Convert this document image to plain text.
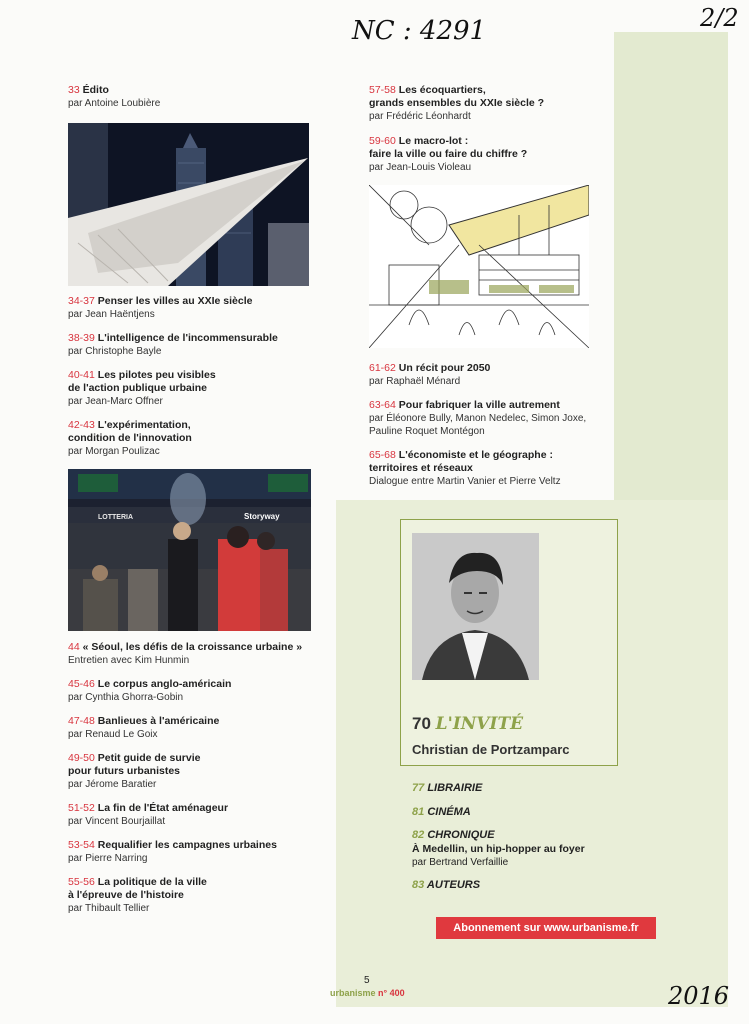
NC : 4291	2/2
2016
33 Édito
par Antoine Loubière
34-37 Penser les villes au XXIe siècle
par Jean Haëntjens
38-39 L'intelligence de l'incommensurable
par Christophe Bayle
40-41 Les pilotes peu visibles
de l'action publique urbaine
par Jean-Marc Offner
42-43 L'expérimentation,
condition de l'innovation
par Morgan Poulizac
LOTTERIA	Storyway
44 « Séoul, les défis de la croissance urbaine »
Entretien avec Kim Hunmin
45-46 Le corpus anglo-américain
par Cynthia Ghorra-Gobin
47-48 Banlieues à l'américaine
par Renaud Le Goix
49-50 Petit guide de survie
pour futurs urbanistes
par Jérome Baratier
51-52 La fin de l'État aménageur
par Vincent Bourjaillat
53-54 Requalifier les campagnes urbaines
par Pierre Narring
55-56 La politique de la ville
à l'épreuve de l'histoire
par Thibault Tellier
57-58 Les écoquartiers,
grands ensembles du XXIe siècle ?
par Frédéric Léonhardt
59-60 Le macro-lot :
faire la ville ou faire du chiffre ?
par Jean-Louis Violeau
61-62 Un récit pour 2050
par Raphaël Ménard
63-64 Pour fabriquer la ville autrement
par Éléonore Bully, Manon Nedelec, Simon Joxe,
Pauline Roquet Montégon
65-68 L'économiste et le géographe :
territoires et réseaux
Dialogue entre Martin Vanier et Pierre Veltz
70 L'INVITÉ
Christian de Portzamparc
77 LIBRAIRIE
81 CINÉMA
82 CHRONIQUE
À Medellin, un hip-hopper au foyer
par Bertrand Verfaillie
83 AUTEURS
Abonnement sur www.urbanisme.fr
5
urbanisme n° 400
